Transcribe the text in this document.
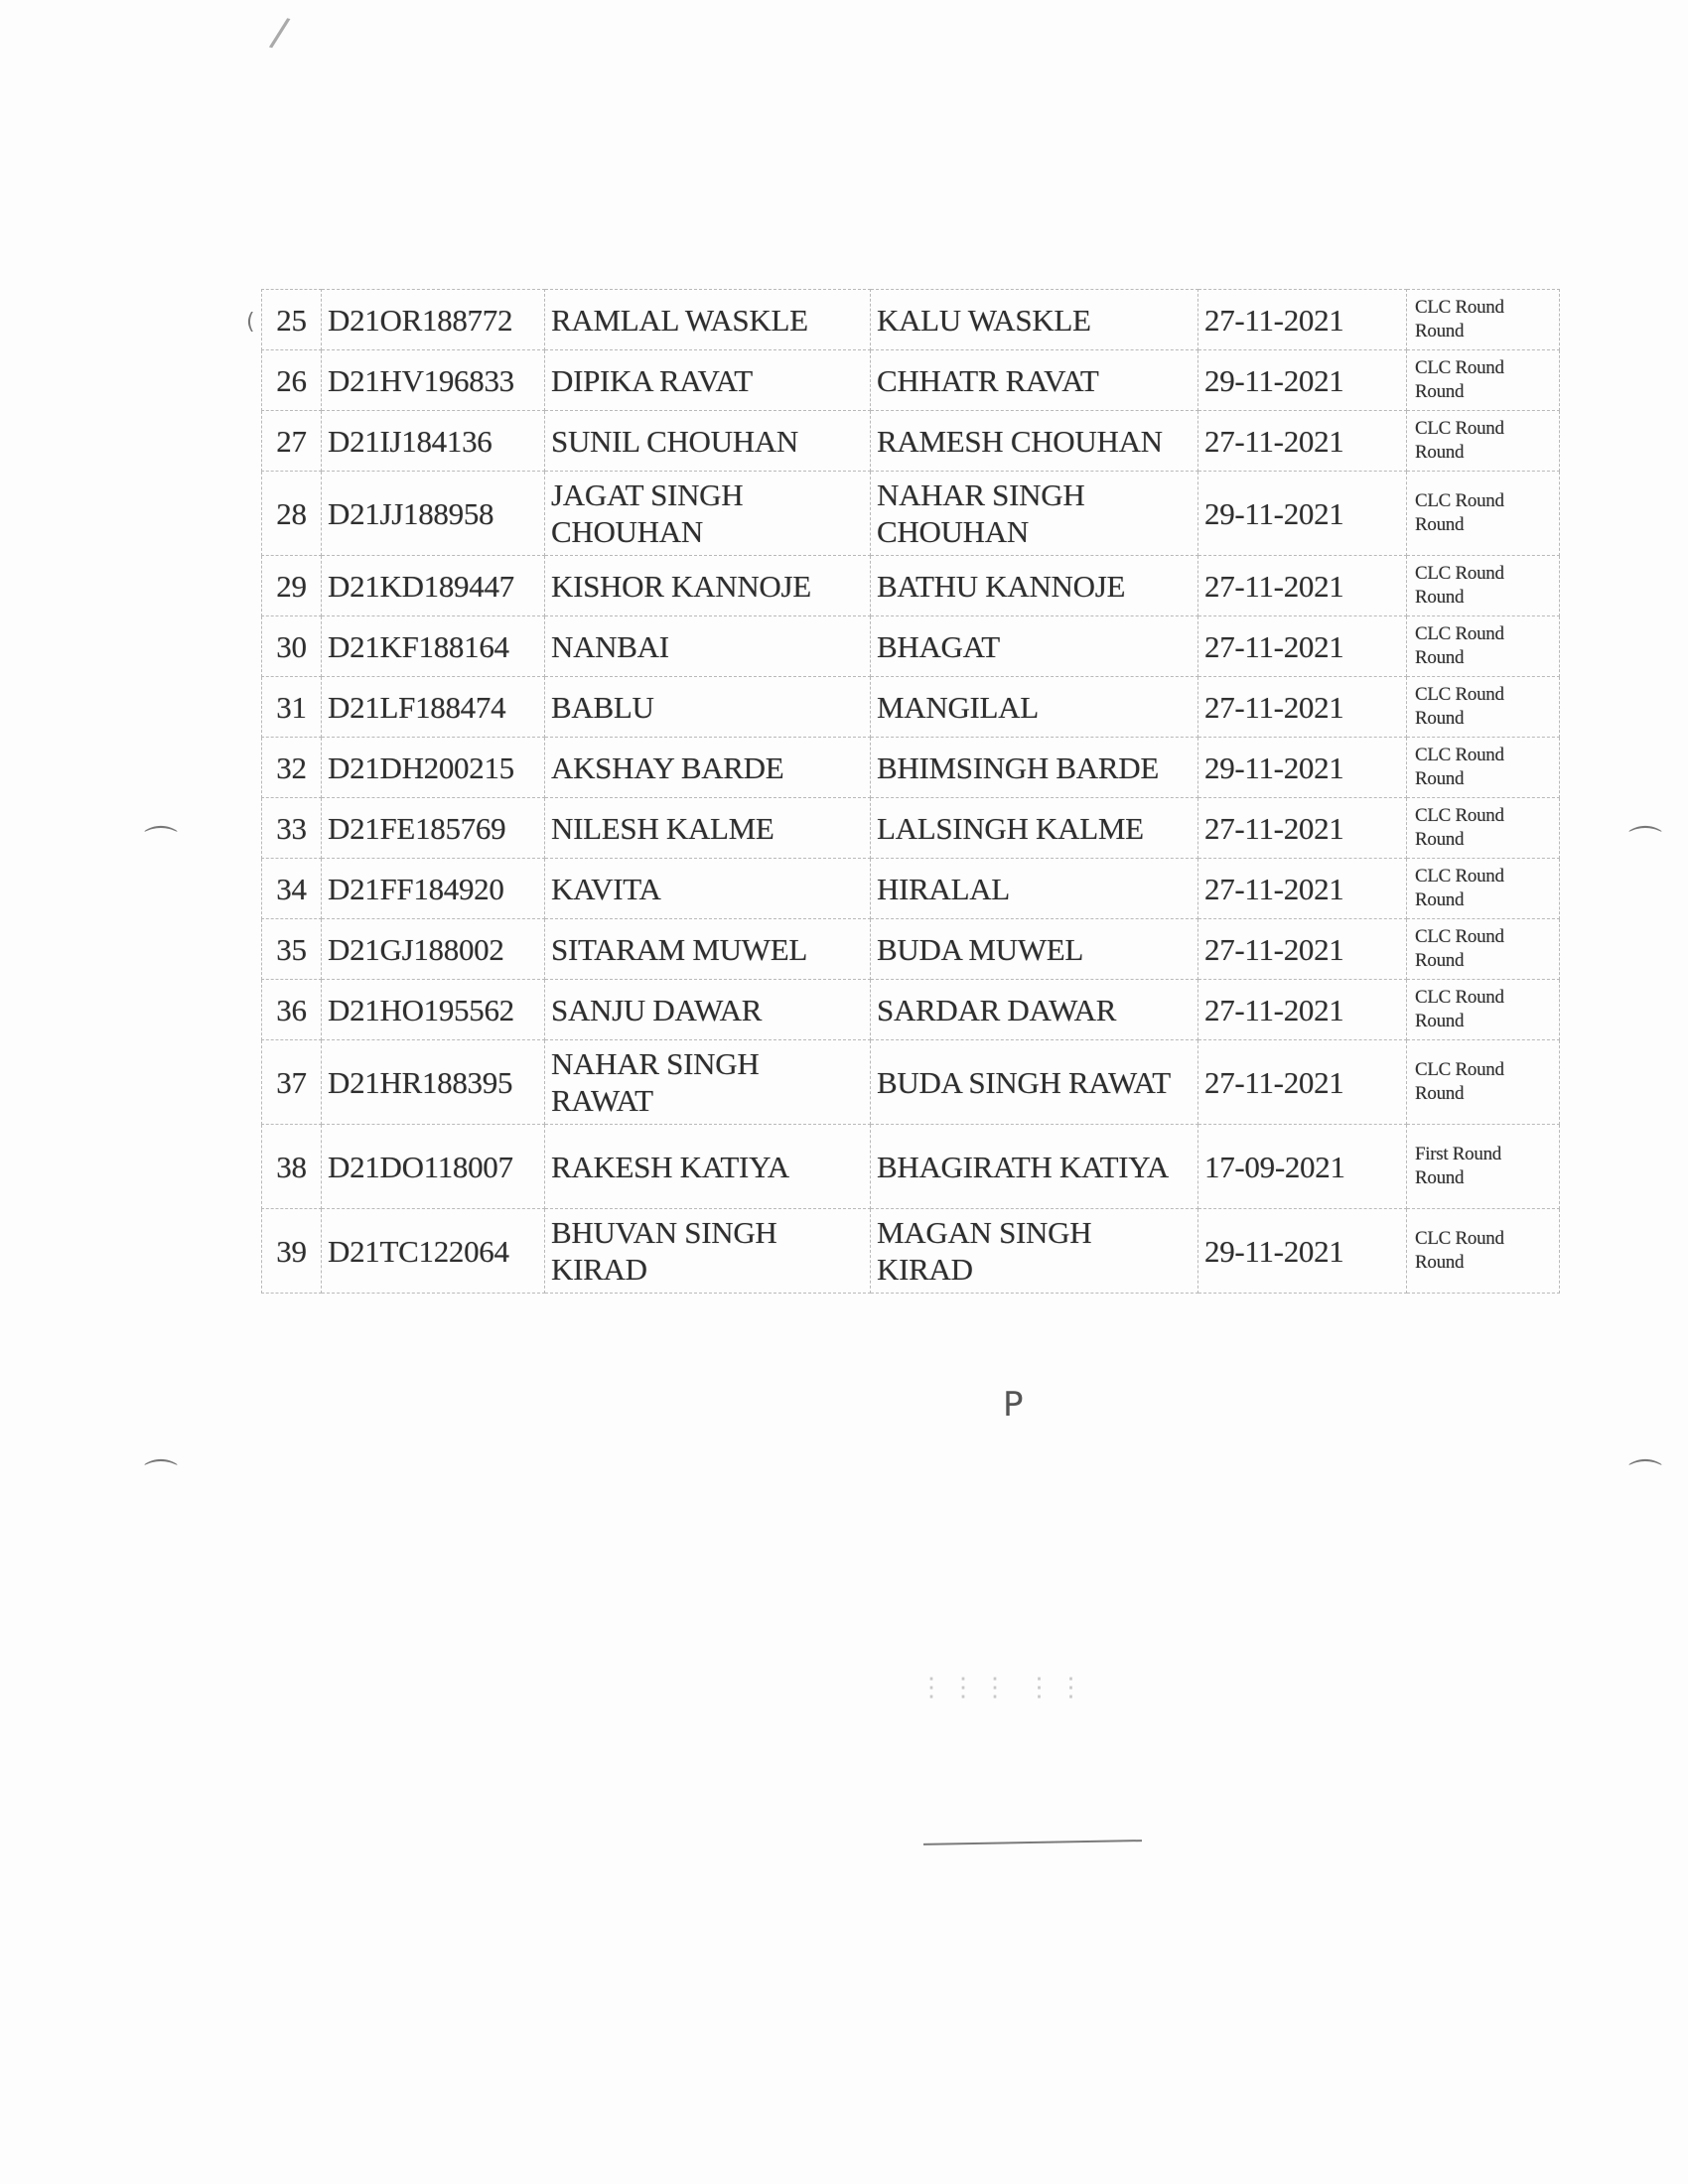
25	D21OR188772	RAMLAL WASKLE	KALU WASKLE	27-11-2021	CLC Round Round
26	D21HV196833	DIPIKA RAVAT	CHHATR RAVAT	29-11-2021	CLC Round Round
27	D21IJ184136	SUNIL CHOUHAN	RAMESH CHOUHAN	27-11-2021	CLC Round Round
28	D21JJ188958	JAGAT SINGH CHOUHAN	NAHAR SINGH CHOUHAN	29-11-2021	CLC Round Round
29	D21KD189447	KISHOR KANNOJE	BATHU KANNOJE	27-11-2021	CLC Round Round
30	D21KF188164	NANBAI	BHAGAT	27-11-2021	CLC Round Round
31	D21LF188474	BABLU	MANGILAL	27-11-2021	CLC Round Round
32	D21DH200215	AKSHAY BARDE	BHIMSINGH BARDE	29-11-2021	CLC Round Round
33	D21FE185769	NILESH KALME	LALSINGH KALME	27-11-2021	CLC Round Round
34	D21FF184920	KAVITA	HIRALAL	27-11-2021	CLC Round Round
35	D21GJ188002	SITARAM MUWEL	BUDA MUWEL	27-11-2021	CLC Round Round
36	D21HO195562	SANJU DAWAR	SARDAR DAWAR	27-11-2021	CLC Round Round
37	D21HR188395	NAHAR SINGH RAWAT	BUDA SINGH RAWAT	27-11-2021	CLC Round Round
38	D21DO118007	RAKESH KATIYA	BHAGIRATH KATIYA	17-09-2021	First Round Round
39	D21TC122064	BHUVAN SINGH KIRAD	MAGAN SINGH KIRAD	29-11-2021	CLC Round Round
(
⌒
⌒
⌒
⌒
/
P
⋮⋮⋮ ⋮⋮
